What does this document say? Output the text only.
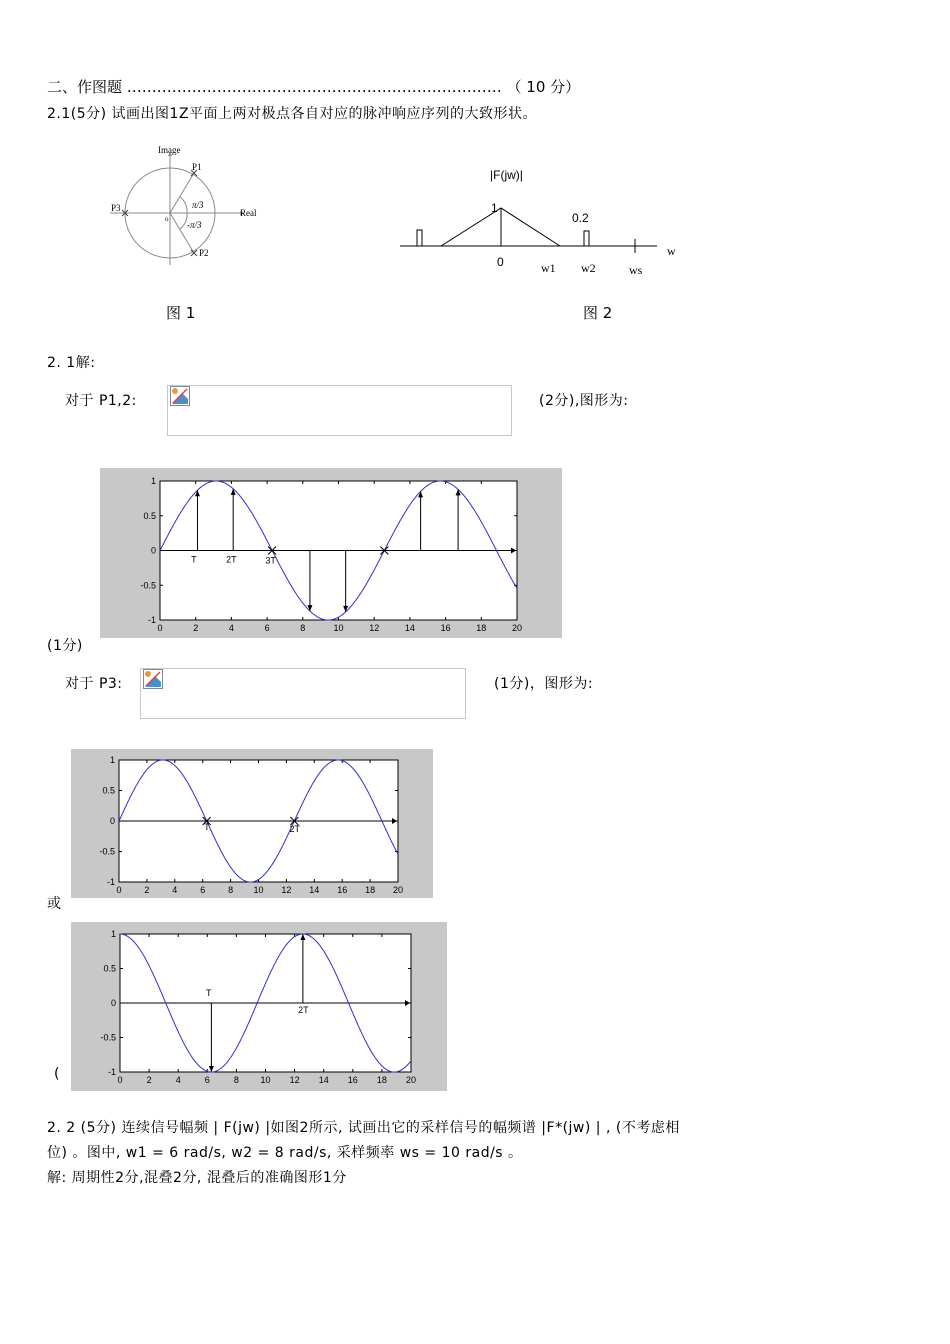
二、作图题 ………………………………………………………………… （ 10 分）
2.1(5分) 试画出图1Z平面上两对极点各自对应的脉冲响应序列的大致形状。
Image
Real
P1
P2
P3
o
π/3
-π/3
图 1
|F(jw)|
1
0.2
0	w1 w2	ws
w
图 2
2. 1解:
对于 P1,2:	(2分),图形为:
0	2	4	6	8	10	12	14	16	18	20
1
0.5
0
-0.5
-1
T	2T	3T
(1分)
对于 P3:	(1分)，图形为:
0	2	4	6	8 10 12 14 16 18 20
1
0.5
0
-0.5
-1
T	2T
或
0	2	4	6	8 10 12 14 16 18 20
1
0.5
0
-0.5
-1
T
2T
(
2. 2 (5分) 连续信号幅频 | F(jw) |如图2所示, 试画出它的采样信号的幅频谱 |F*(jw) | , (不考虑相
位) 。图中, w1 = 6 rad/s, w2 = 8 rad/s, 采样频率 ws = 10 rad/s 。
解: 周期性2分,混叠2分, 混叠后的准确图形1分
